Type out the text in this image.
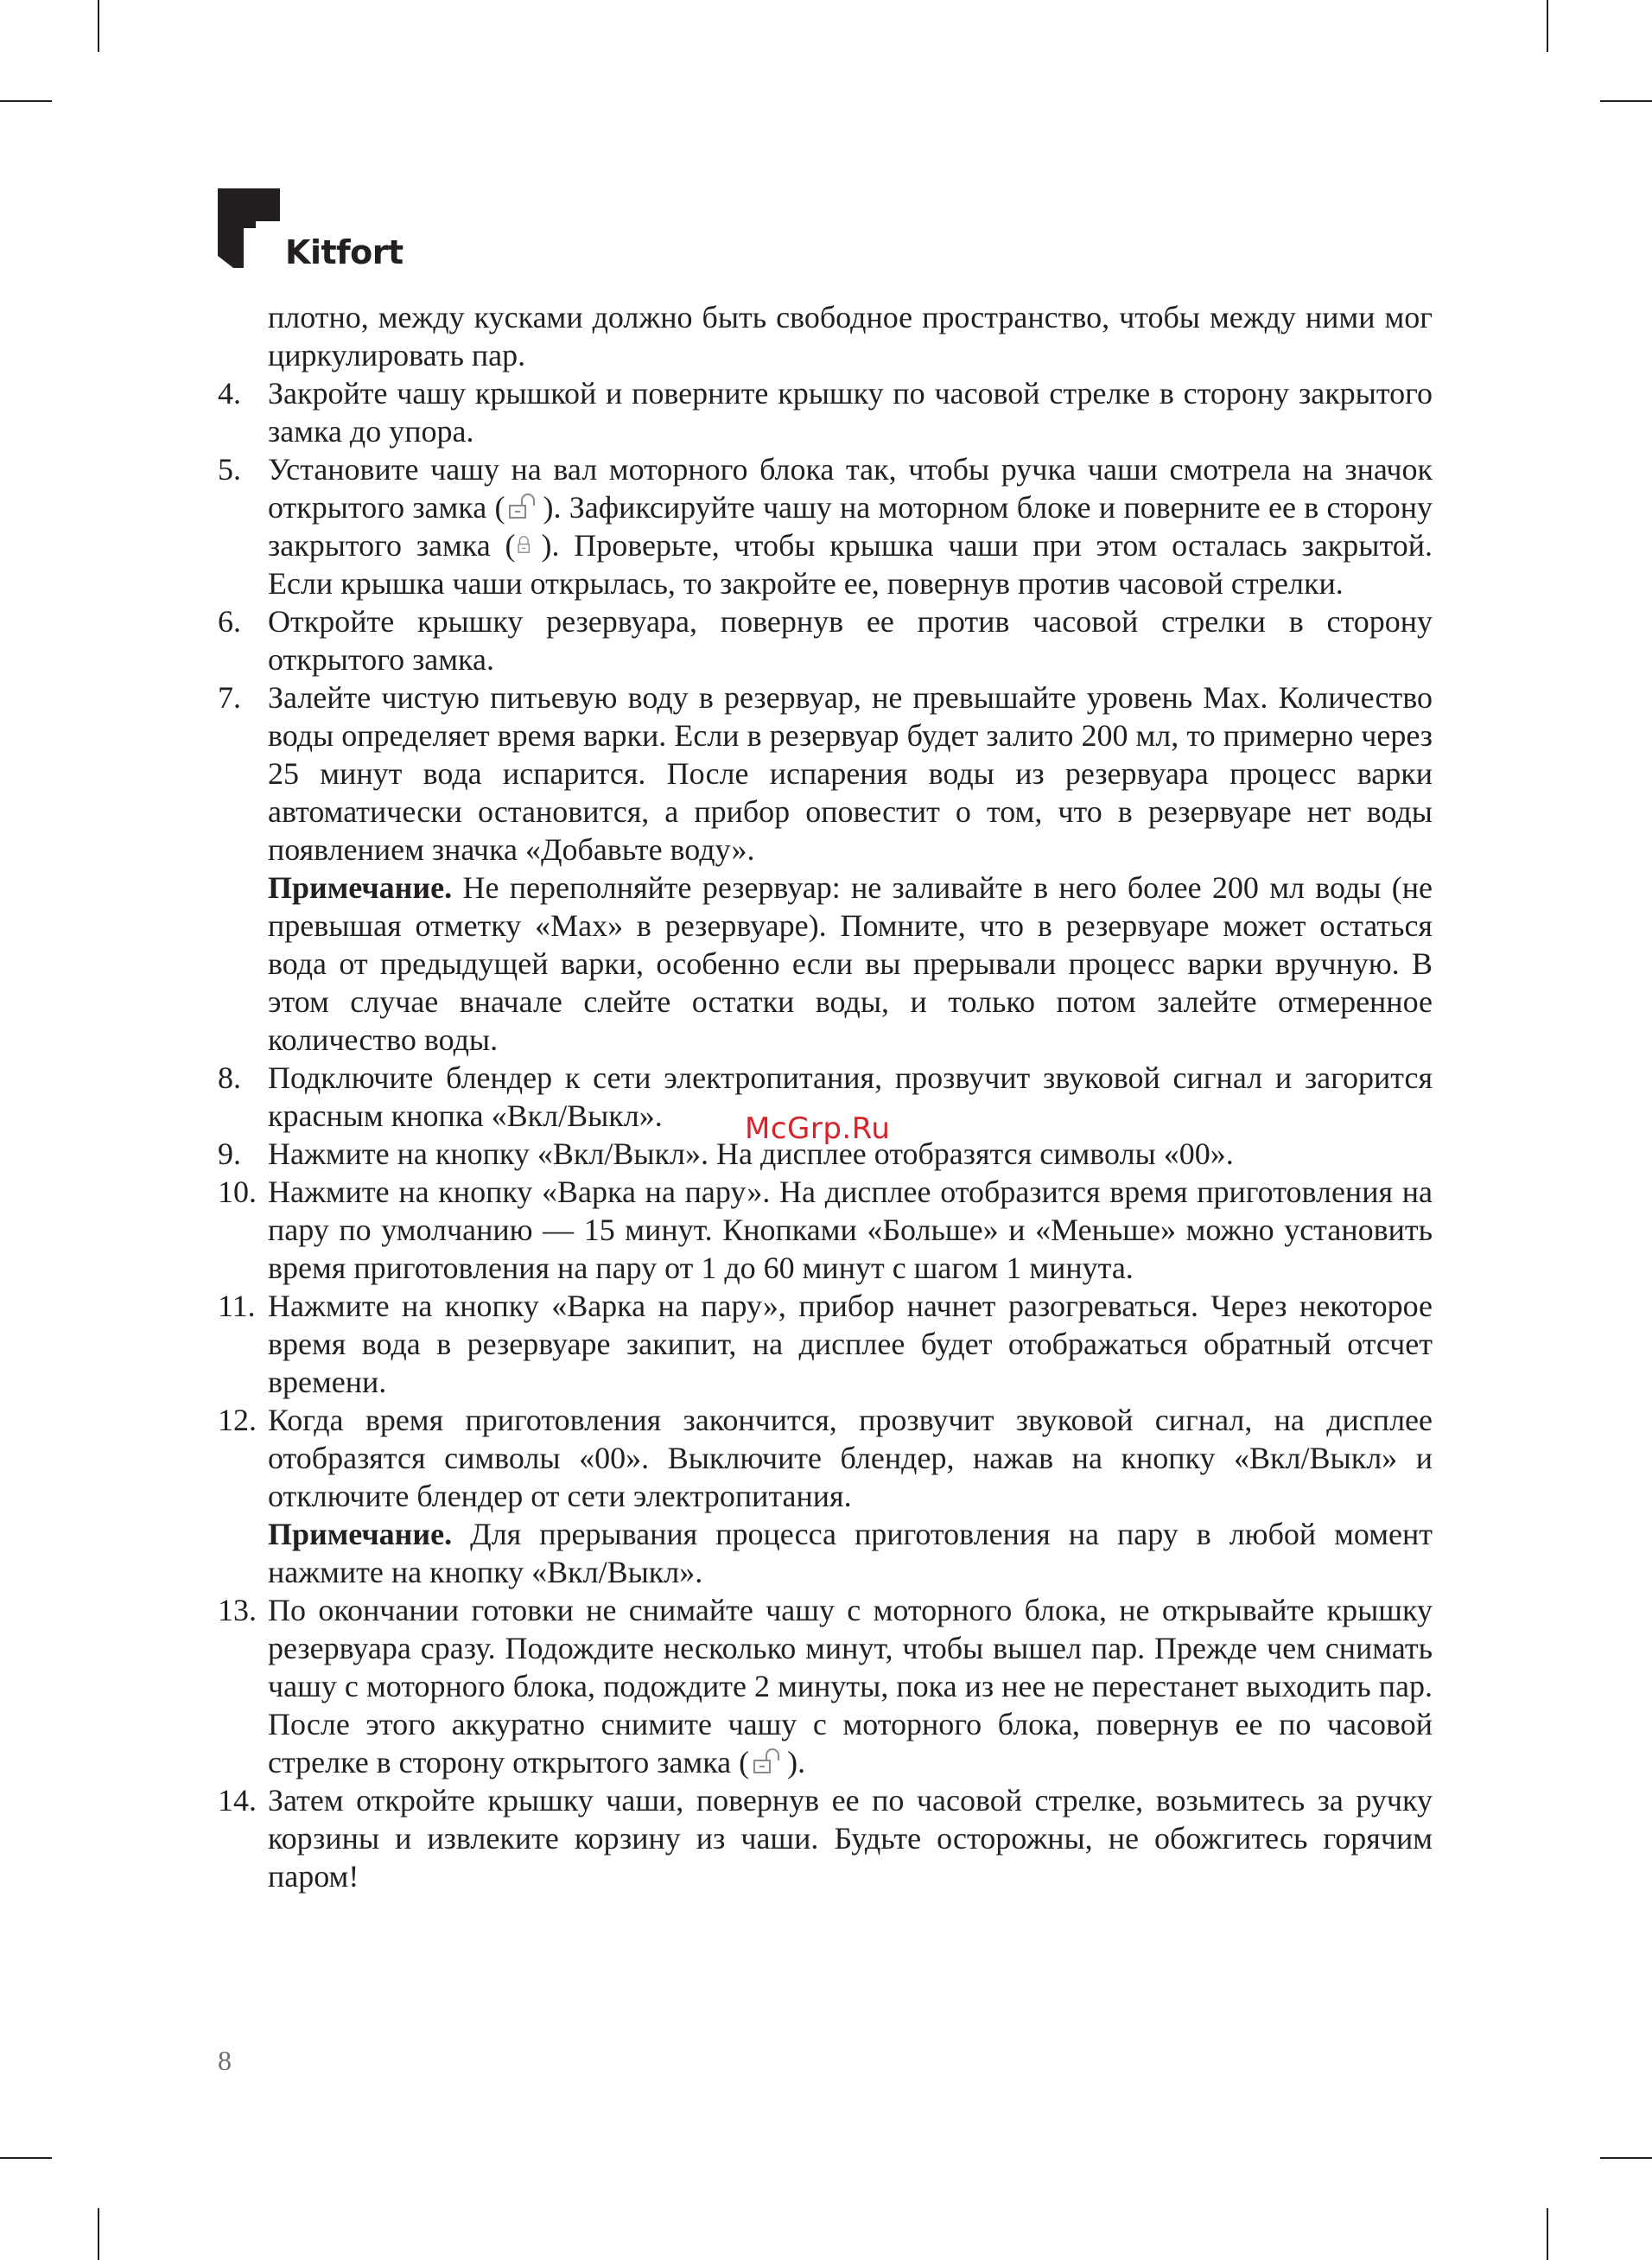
Kitfort
плотно, между кусками должно быть свободное пространство, чтобы между ними мог циркулировать пар.
4. Закройте чашу крышкой и поверните крышку по часовой стрелке в сторону закрытого замка до упора.
5. Установите чашу на вал моторного блока так, чтобы ручка чаши смотрела на значок открытого замка ( ). Зафиксируйте чашу на моторном блоке и поверните ее в сторону закрытого замка ( ). Проверьте, чтобы крышка чаши при этом осталась закрытой. Если крышка чаши открылась, то закройте ее, повернув против часовой стрелки.
6. Откройте крышку резервуара, повернув ее против часовой стрелки в сторону открытого замка.
7. Залейте чистую питьевую воду в резервуар, не превышайте уровень Max. Количество воды определяет время варки. Если в резервуар будет залито 200 мл, то примерно через 25 минут вода испарится. После испарения воды из резервуара процесс варки автоматически остановится, а прибор оповестит о том, что в резервуаре нет воды появлением значка «Добавьте воду».
Примечание. Не переполняйте резервуар: не заливайте в него более 200 мл воды (не превышая отметку «Max» в резервуаре). Помните, что в резервуаре может остаться вода от предыдущей варки, особенно если вы прерывали процесс варки вручную. В этом случае вначале слейте остатки воды, и только потом залейте отмеренное количество воды.
8. Подключите блендер к сети электропитания, прозвучит звуковой сигнал и загорится красным кнопка «Вкл/Выкл».
9. Нажмите на кнопку «Вкл/Выкл». На дисплее отобразятся символы «00».
10. Нажмите на кнопку «Варка на пару». На дисплее отобразится время приготовления на пару по умолчанию — 15 минут. Кнопками «Больше» и «Меньше» можно установить время приготовления на пару от 1 до 60 минут с шагом 1 минута.
11. Нажмите на кнопку «Варка на пару», прибор начнет разогреваться. Через некоторое время вода в резервуаре закипит, на дисплее будет отображаться обратный отсчет времени.
12. Когда время приготовления закончится, прозвучит звуковой сигнал, на дисплее отобразятся символы «00». Выключите блендер, нажав на кнопку «Вкл/Выкл» и отключите блендер от сети электропитания.
Примечание. Для прерывания процесса приготовления на пару в любой момент нажмите на кнопку «Вкл/Выкл».
13. По окончании готовки не снимайте чашу с моторного блока, не открывайте крышку резервуара сразу. Подождите несколько минут, чтобы вышел пар. Прежде чем снимать чашу с моторного блока, подождите 2 минуты, пока из нее не перестанет выходить пар. После этого аккуратно снимите чашу с моторного блока, повернув ее по часовой стрелке в сторону открытого замка ( ).
14. Затем откройте крышку чаши, повернув ее по часовой стрелке, возьмитесь за ручку корзины и извлеките корзину из чаши. Будьте осторожны, не обожгитесь горячим паром!
McGrp.Ru
8
